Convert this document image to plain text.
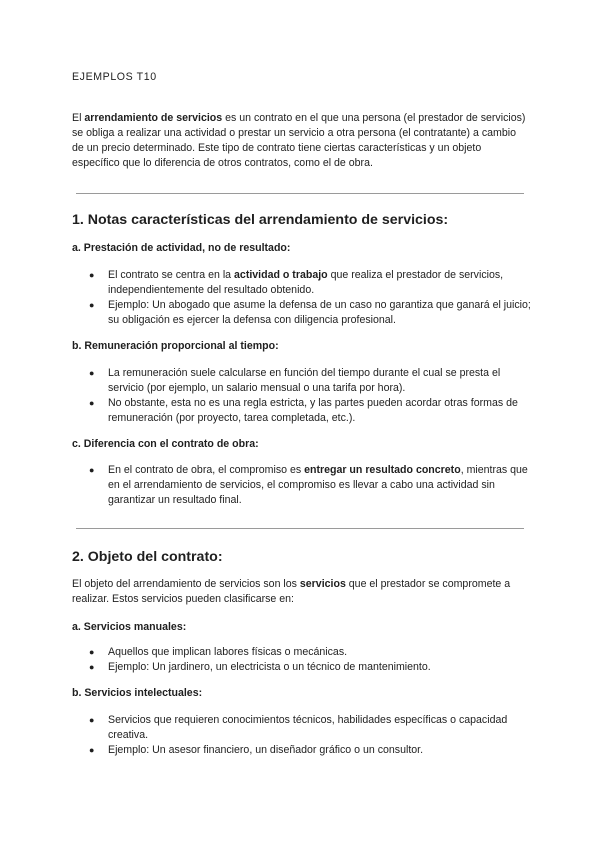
EJEMPLOS T10

El arrendamiento de servicios es un contrato en el que una persona (el prestador de servicios) se obliga a realizar una actividad o prestar un servicio a otra persona (el contratante) a cambio de un precio determinado. Este tipo de contrato tiene ciertas características y un objeto específico que lo diferencia de otros contratos, como el de obra.

1. Notas características del arrendamiento de servicios:
a. Prestación de actividad, no de resultado:
● El contrato se centra en la actividad o trabajo que realiza el prestador de servicios, independientemente del resultado obtenido.
● Ejemplo: Un abogado que asume la defensa de un caso no garantiza que ganará el juicio; su obligación es ejercer la defensa con diligencia profesional.
b. Remuneración proporcional al tiempo:
● La remuneración suele calcularse en función del tiempo durante el cual se presta el servicio (por ejemplo, un salario mensual o una tarifa por hora).
● No obstante, esta no es una regla estricta, y las partes pueden acordar otras formas de remuneración (por proyecto, tarea completada, etc.).
c. Diferencia con el contrato de obra:
● En el contrato de obra, el compromiso es entregar un resultado concreto, mientras que en el arrendamiento de servicios, el compromiso es llevar a cabo una actividad sin garantizar un resultado final.
2. Objeto del contrato:

El objeto del arrendamiento de servicios son los servicios que el prestador se compromete a realizar. Estos servicios pueden clasificarse en:

a. Servicios manuales:
● Aquellos que implican labores físicas o mecánicas.
● Ejemplo: Un jardinero, un electricista o un técnico de mantenimiento.
b. Servicios intelectuales:
● Servicios que requieren conocimientos técnicos, habilidades específicas o capacidad creativa.
● Ejemplo: Un asesor financiero, un diseñador gráfico o un consultor.
